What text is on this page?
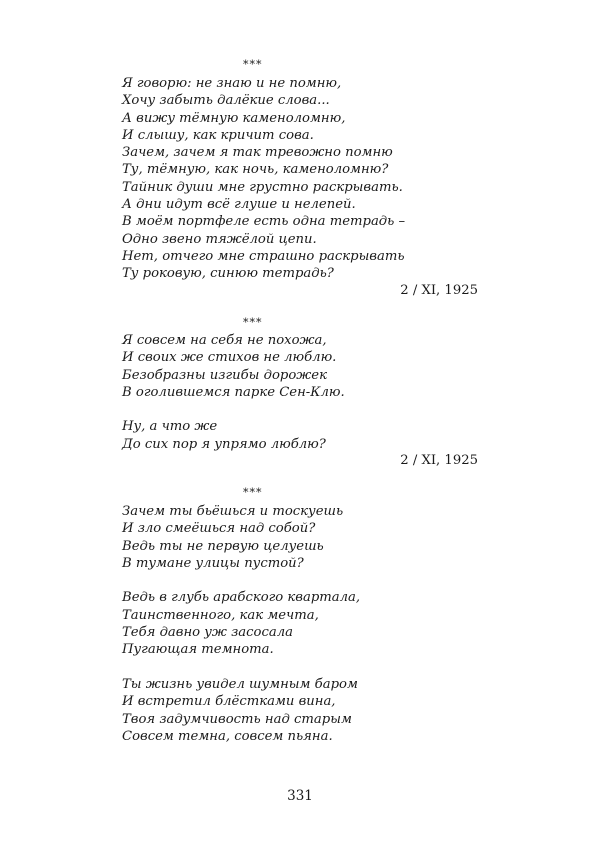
***
Я говорю: не знаю и не помню,
Хочу забыть далёкие слова...
А вижу тёмную каменоломню,
И слышу, как кричит сова.
Зачем, зачем я так тревожно помню
Ту, тёмную, как ночь, каменоломню?
Тайник души мне грустно раскрывать.
А дни идут всё глуше и нелепей.
В моём портфеле есть одна тетрадь –
Одно звено тяжёлой цепи.
Нет, отчего мне страшно раскрывать
Ту роковую, синюю тетрадь?
2 / XI, 1925
***
Я совсем на себя не похожа,
И своих же стихов не люблю.
Безобразны изгибы дорожек
В оголившемся парке Сен-Клю.
Ну, а что же
До сих пор я упрямо люблю?
2 / XI, 1925
***
Зачем ты бьёшься и тоскуешь
И зло смеёшься над собой?
Ведь ты не первую целуешь
В тумане улицы пустой?
Ведь в глубь арабского квартала,
Таинственного, как мечта,
Тебя давно уж засосала
Пугающая темнота.
Ты жизнь увидел шумным баром
И встретил блёстками вина,
Твоя задумчивость над старым
Совсем темна, совсем пьяна.
331
